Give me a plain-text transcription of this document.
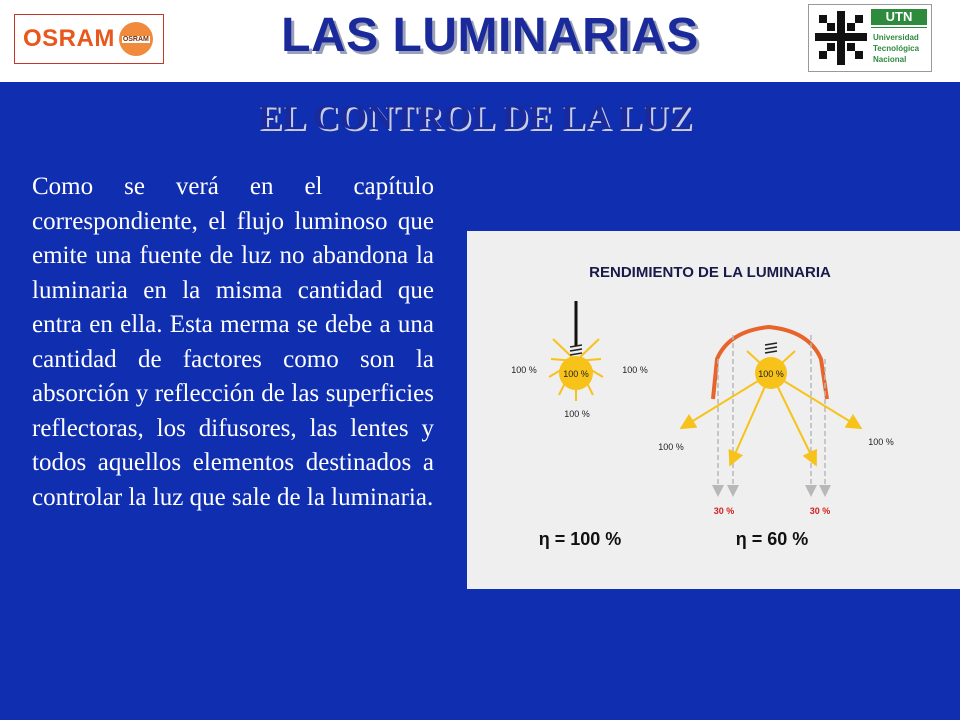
OSRAM OSRAM	LAS LUMINARIAS	UTN
Universidad
Tecnológica
Nacional
EL CONTROL DE LA LUZ
Como se verá en el capítulo correspondiente, el flujo luminoso que emite una fuente de luz no abandona la luminaria en la misma cantidad que entra en ella. Esta merma se debe a una cantidad de factores como son la absorción y reflección de las superficies reflectoras, los difusores, las lentes y todos aquellos elementos destinados a controlar la luz que sale de la luminaria.
RENDIMIENTO DE LA LUMINARIA
100 %
100 %	100 %
100 %
100 %
100 %	100 %
30 %	30 %
η = 100 %	η = 60 %
